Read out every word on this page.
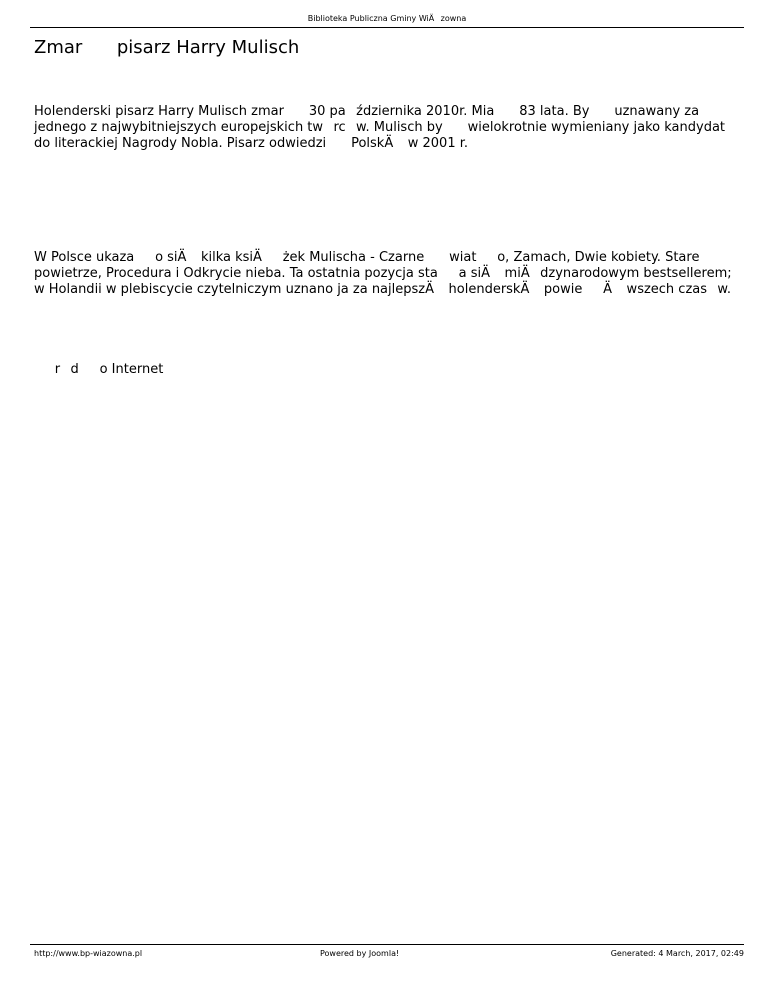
Biblioteka Publiczna Gminy WiÄzowna
Zmar pisarz Harry Mulisch



Holenderski pisarz Harry Mulisch zmar 30 października 2010r. Mia 83 lata. By uznawany za jednego z najwybitniejszych europejskich twrcw. Mulisch by wielokrotnie wymieniany jako kandydat do literackiej Nagrody Nobla. Pisarz odwiedzi PolskÄ w 2001 r.





W Polsce ukazao siÄ kilka ksiÄżek Mulischa - Czarne wiato, Zamach, Dwie kobiety. Stare powietrze, Procedura i Odkrycie nieba. Ta ostatnia pozycja staa siÄ miÄdzynarodowym bestsellerem; w Holandii w plebiscycie czytelniczym uznano ja za najlepszÄ holenderskÄ powieÄ wszech czasw.







rdo Internet

http://www.bp-wiazowna.pl	Powered by Joomla!	Generated: 4 March, 2017, 02:49
